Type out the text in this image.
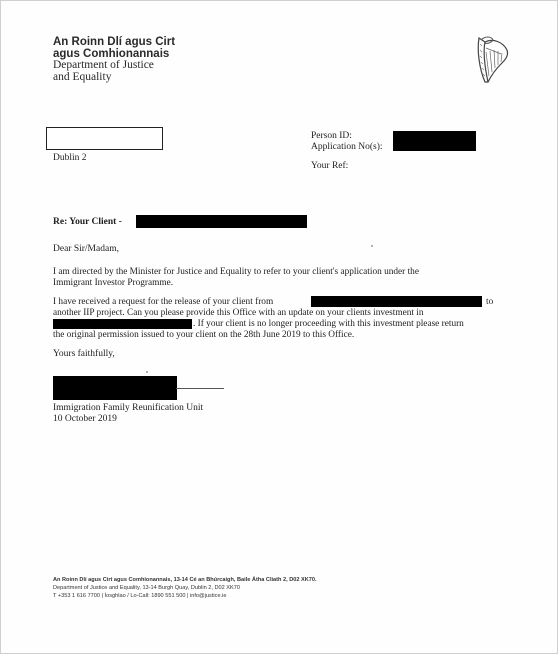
An Roinn Dlí agus Cirt
agus Comhionannais
Department of Justice
and Equality
Dublin 2
Person ID:
Application No(s):
Your Ref:
Re: Your Client -
Dear Sir/Madam,
I am directed by the Minister for Justice and Equality to refer to your client's application under the
Immigrant Investor Programme.
I have received a request for the release of your client from	to
another IIP project. Can you please provide this Office with an update on your clients investment in
. If your client is no longer proceeding with this investment please return
the original permission issued to your client on the 28th June 2019 to this Office.
Yours faithfully,
Immigration Family Reunification Unit
10 October 2019
An Roinn Dlí agus Cirt agus Comhionannais, 13-14 Cé an Bhúrcaigh, Baile Átha Cliath 2, D02 XK70.
Department of Justice and Equality, 13-14 Burgh Quay, Dublin 2, D02 XK70
T +353 1 616 7700 | Íosghlao / Lo-Call: 1890 551 500 | info@justice.ie
